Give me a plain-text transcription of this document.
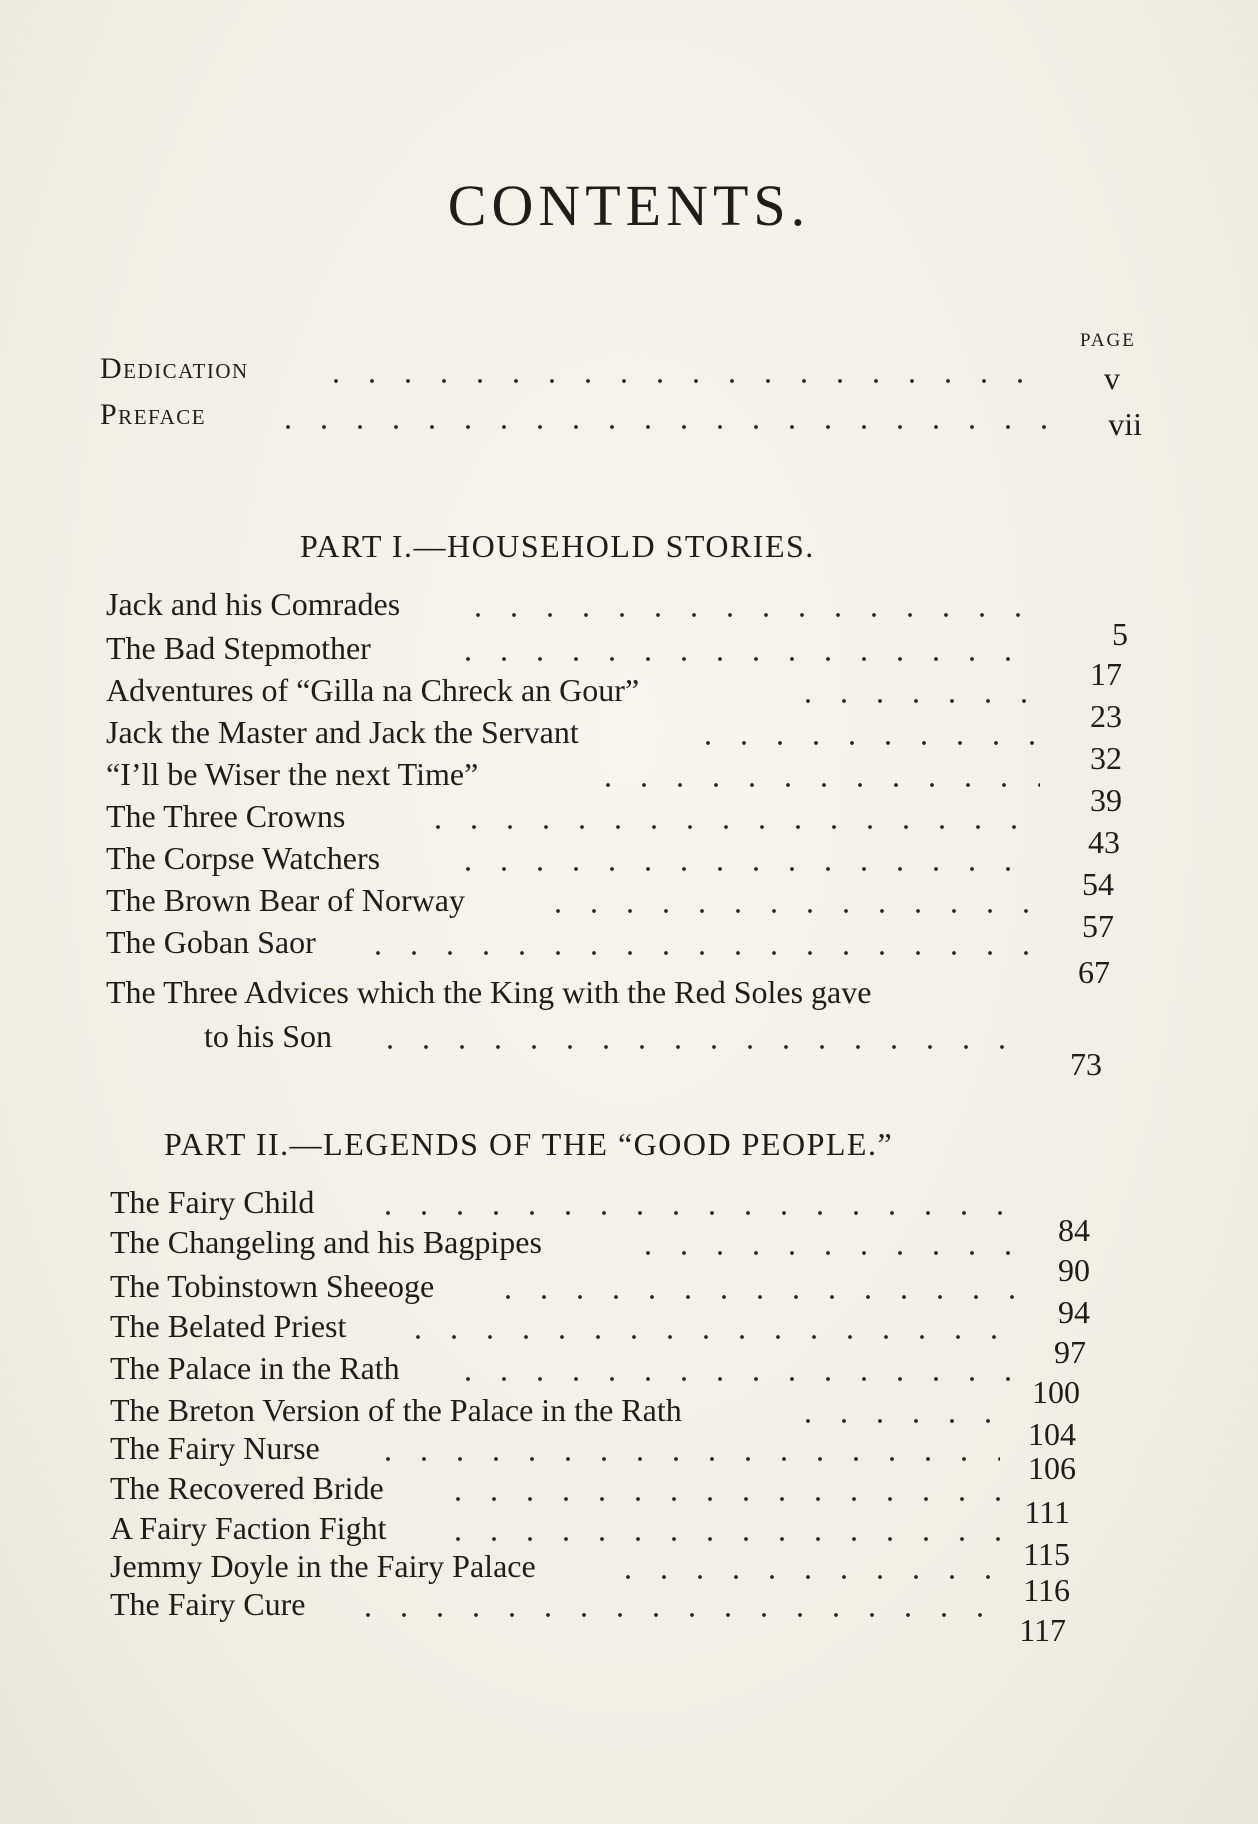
CONTENTS.
PAGE
Dedication	v
Preface	vii
PART I.—HOUSEHOLD STORIES.
Jack and his Comrades
5
The Bad Stepmother
17
Adventures of “Gilla na Chreck an Gour”
23
Jack the Master and Jack the Servant
32
“I’ll be Wiser the next Time”
39
The Three Crowns
43
The Corpse Watchers
54
The Brown Bear of Norway
57
The Goban Saor
67
The Three Advices which the King with the Red Soles gave
to his Son
73
PART II.—LEGENDS OF THE “GOOD PEOPLE.”
The Fairy Child
84
The Changeling and his Bagpipes
90
The Tobinstown Sheeoge
94
The Belated Priest
97
The Palace in the Rath
100
The Breton Version of the Palace in the Rath
104
The Fairy Nurse
106
The Recovered Bride
111
A Fairy Faction Fight
115
Jemmy Doyle in the Fairy Palace
116
The Fairy Cure
117
